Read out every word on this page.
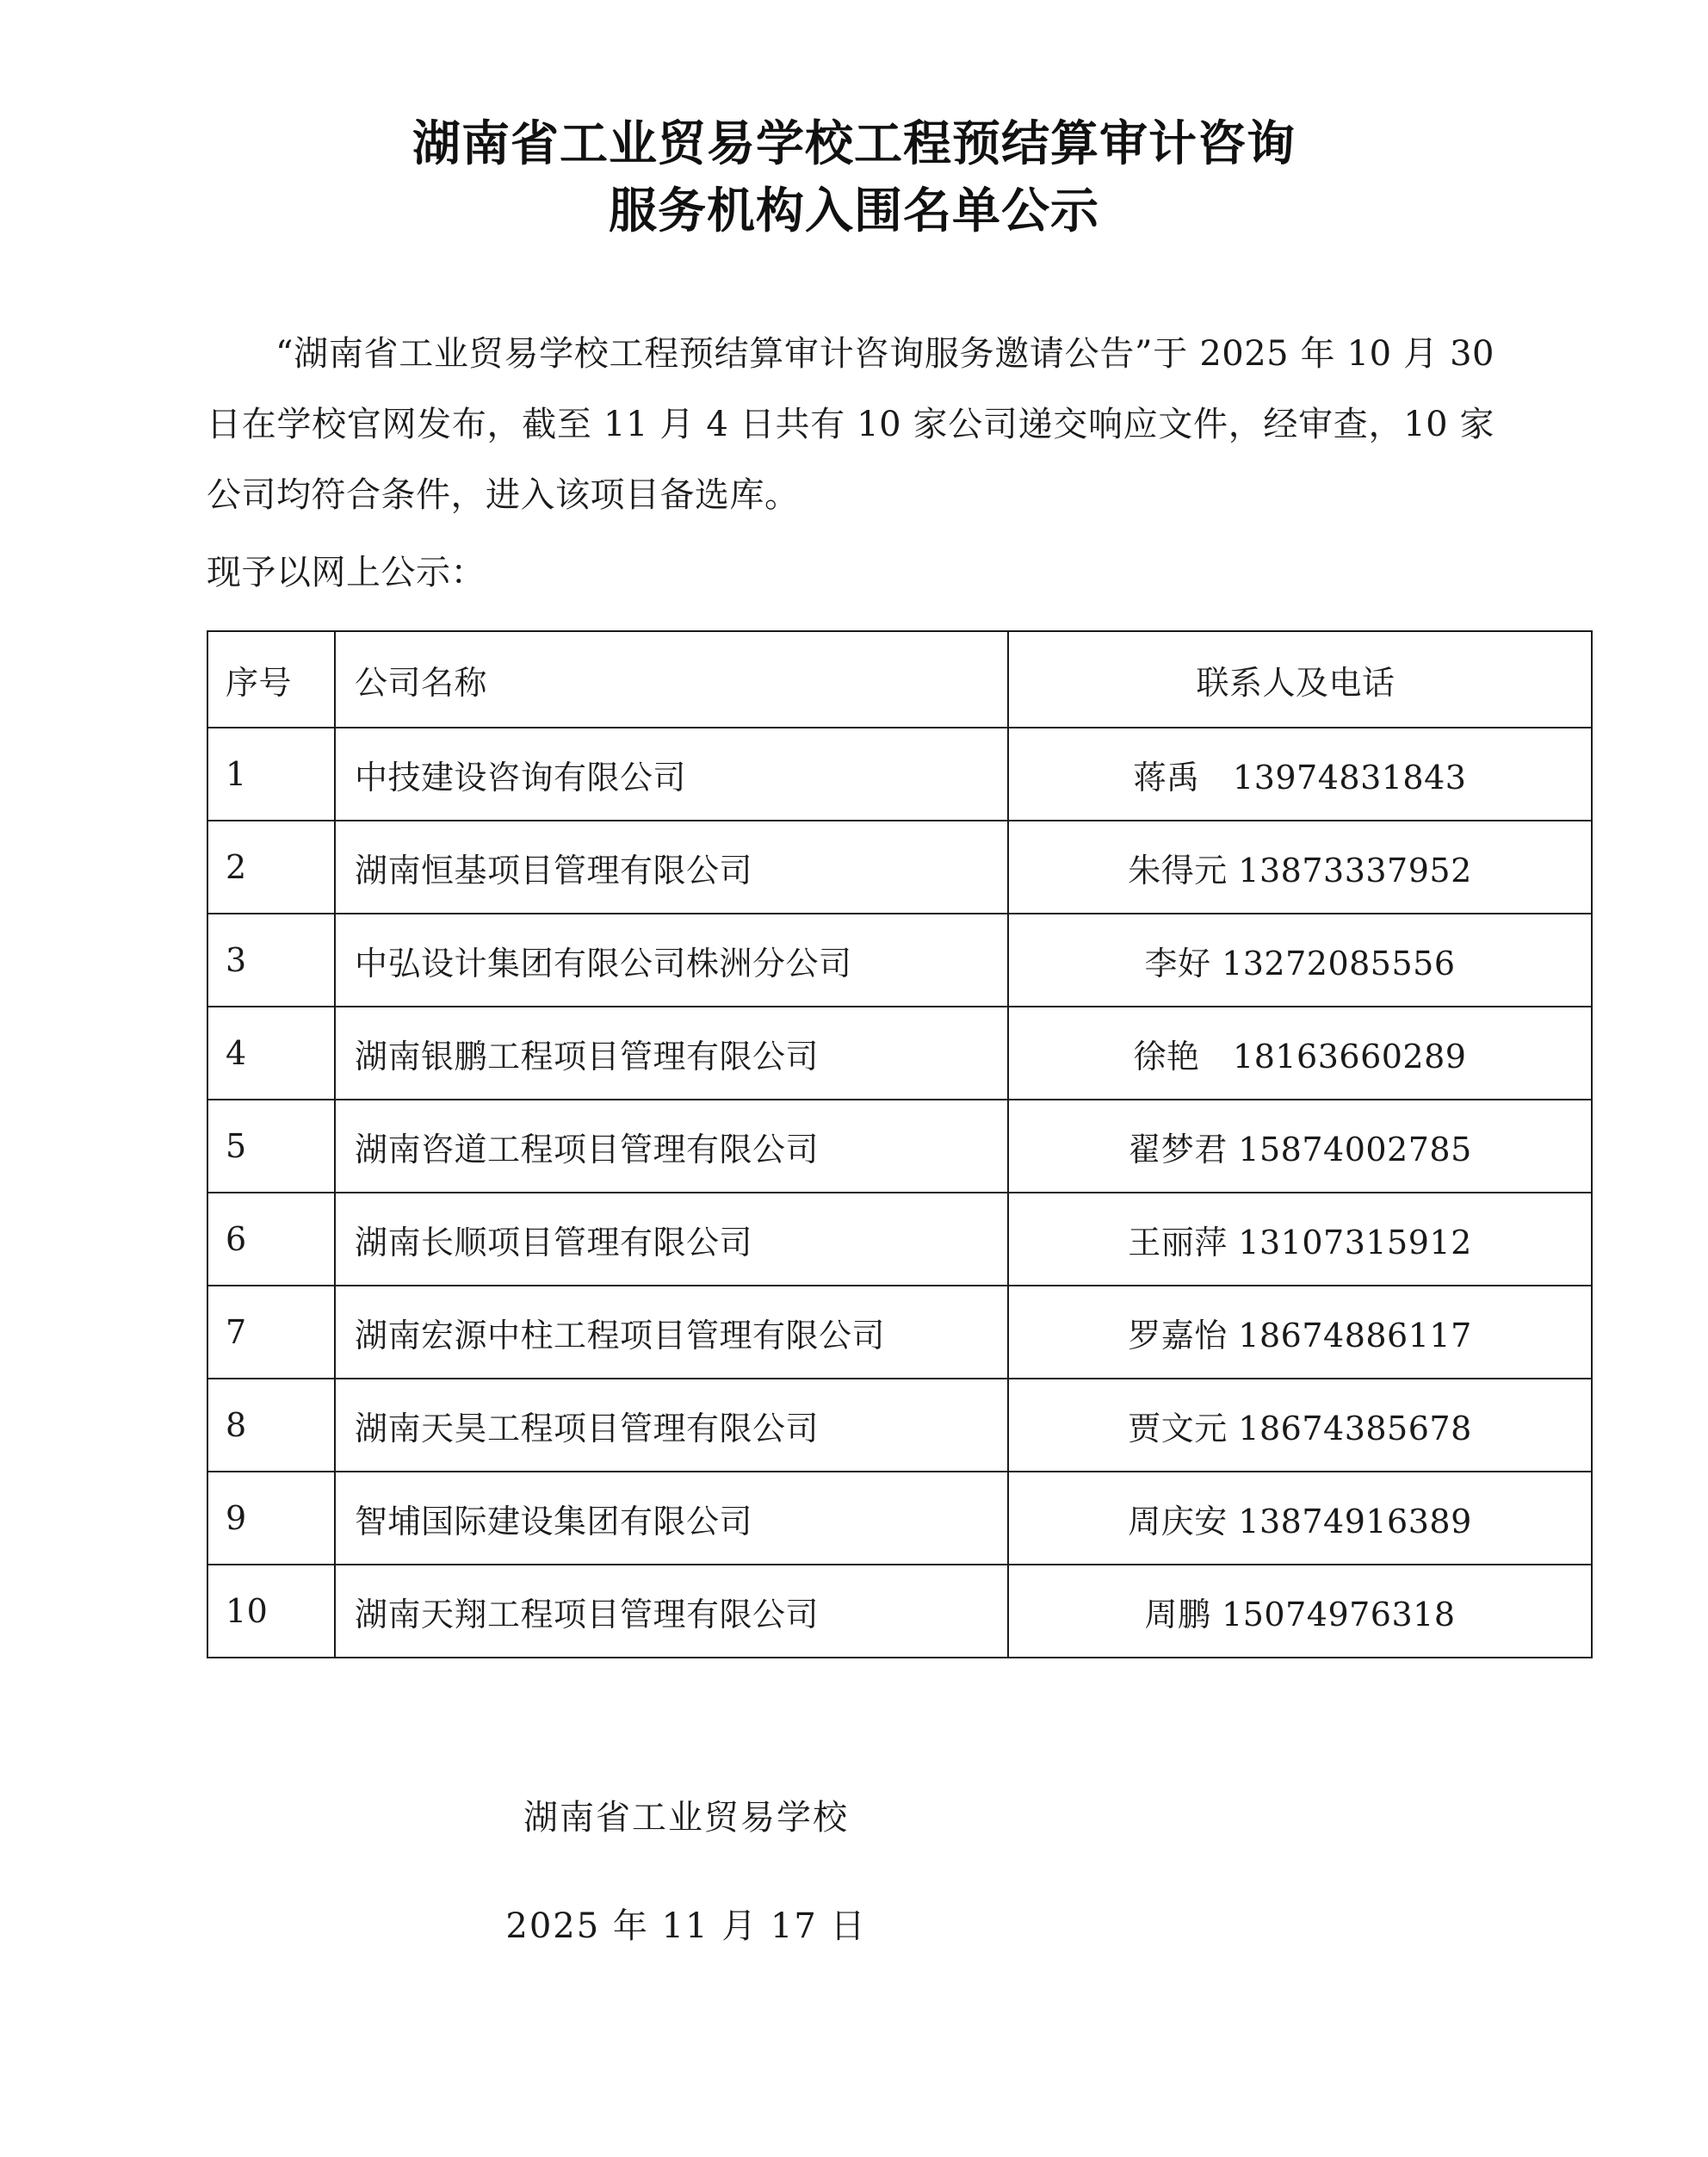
湖南省工业贸易学校工程预结算审计咨询
服务机构入围名单公示

“湖南省工业贸易学校工程预结算审计咨询服务邀请公告”于 2025 年 10 月 30 日在学校官网发布，截至 11 月 4 日共有 10 家公司递交响应文件，经审查，10 家公司均符合条件，进入该项目备选库。

现予以网上公示：

序号	公司名称	联系人及电话
1	中技建设咨询有限公司	蒋禹　13974831843
2	湖南恒基项目管理有限公司	朱得元 13873337952
3	中弘设计集团有限公司株洲分公司	李好 13272085556
4	湖南银鹏工程项目管理有限公司	徐艳　18163660289
5	湖南咨道工程项目管理有限公司	翟梦君 15874002785
6	湖南长顺项目管理有限公司	王丽萍 13107315912
7	湖南宏源中柱工程项目管理有限公司	罗嘉怡 18674886117
8	湖南天昊工程项目管理有限公司	贾文元 18674385678
9	智埔国际建设集团有限公司	周庆安 13874916389
10	湖南天翔工程项目管理有限公司	周鹏 15074976318

湖南省工业贸易学校

2025 年 11 月 17 日
